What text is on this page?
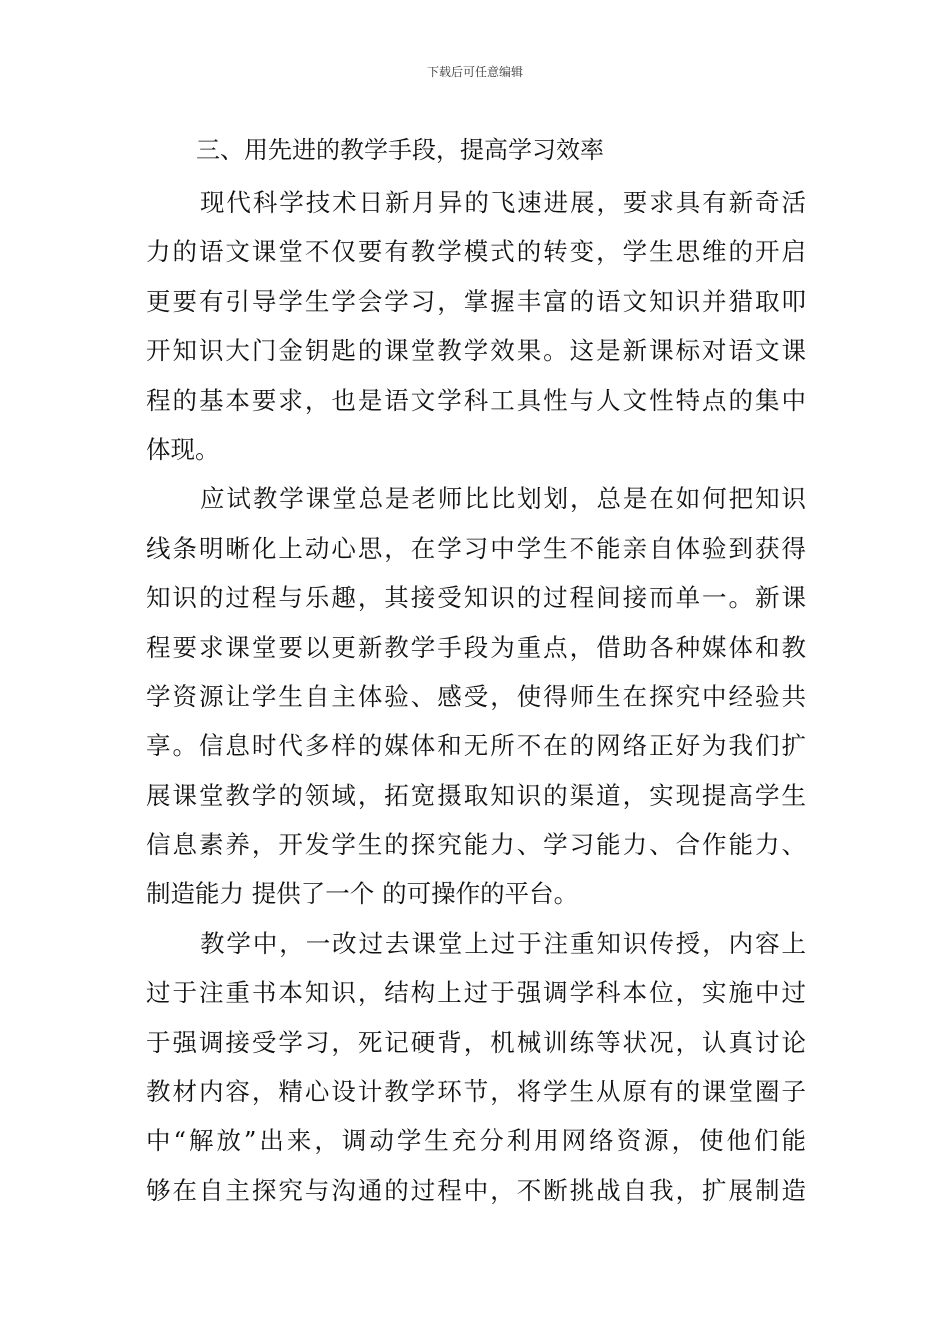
下载后可任意编辑
三、用先进的教学手段，提高学习效率
现代科学技术日新月异的飞速进展，要求具有新奇活
力的语文课堂不仅要有教学模式的转变，学生思维的开启
更要有引导学生学会学习，掌握丰富的语文知识并猎取叩
开知识大门金钥匙的课堂教学效果。这是新课标对语文课
程的基本要求，也是语文学科工具性与人文性特点的集中
体现。
应试教学课堂总是老师比比划划，总是在如何把知识
线条明晰化上动心思，在学习中学生不能亲自体验到获得
知识的过程与乐趣，其接受知识的过程间接而单一。新课
程要求课堂要以更新教学手段为重点，借助各种媒体和教
学资源让学生自主体验、感受，使得师生在探究中经验共
享。信息时代多样的媒体和无所不在的网络正好为我们扩
展课堂教学的领域，拓宽摄取知识的渠道，实现提高学生
信息素养，开发学生的探究能力、学习能力、合作能力、
制造能力 提供了一个 的可操作的平台。
教学中，一改过去课堂上过于注重知识传授，内容上
过于注重书本知识，结构上过于强调学科本位，实施中过
于强调接受学习，死记硬背，机械训练等状况，认真讨论
教材内容，精心设计教学环节，将学生从原有的课堂圈子
中“解放”出来，调动学生充分利用网络资源，使他们能
够在自主探究与沟通的过程中，不断挑战自我，扩展制造
